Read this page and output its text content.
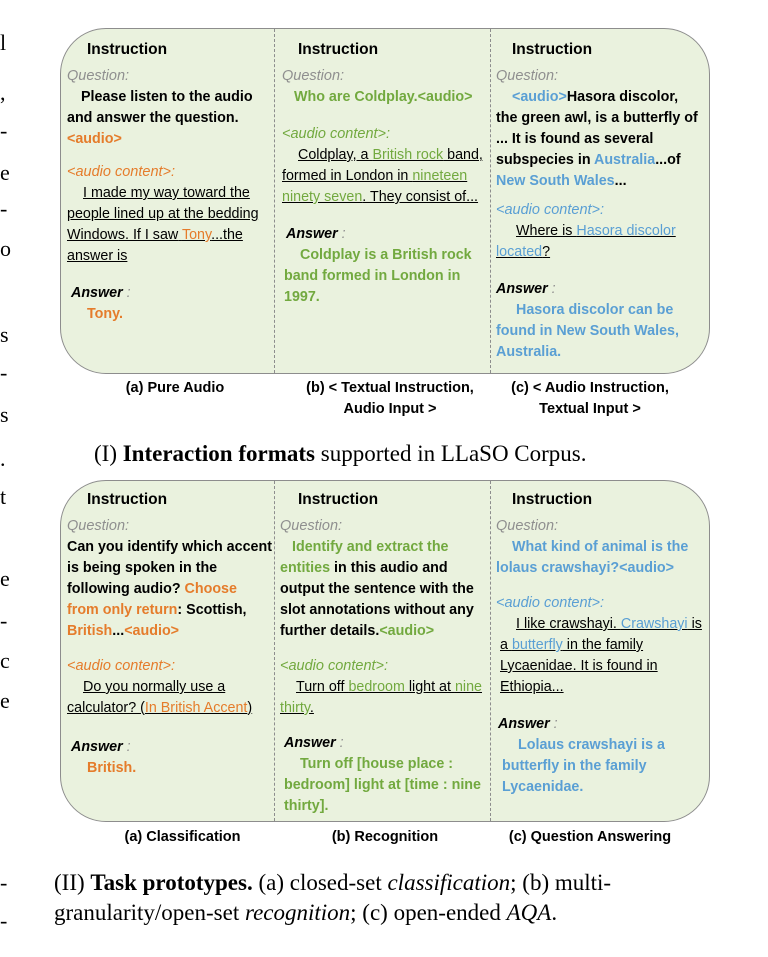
l
,
-
e
-
o
s
-
s
.
t
e
-
c
e
-
-

Instruction

Question:

Please listen to the audio and answer the question. <audio>

<audio content>:

I made my way toward the people lined up at the bedding Windows. If I saw Tony...the answer is

Answer :

Tony.

Instruction

Question:

Who are Coldplay.<audio>

<audio content>:

Coldplay, a British rock band, formed in London in nineteen ninety seven. They consist of...

Answer :

Coldplay is a British rock band formed in London in 1997.

Instruction

Question:

<audio>Hasora discolor, the green awl, is a butterfly of ... It is found as several subspecies in Australia...of New South Wales...

<audio content>:

Where is Hasora discolor located?

Answer :

Hasora discolor can be found in New South Wales, Australia.

(a) Pure Audio	(b) < Textual Instruction, Audio Input >
(c) < Audio Instruction, Textual Input >
(I) Interaction formats supported in LLaSO Corpus.

Instruction

Question:

Can you identify which accent is being spoken in the following audio? Choose from only return: Scottish, British...<audio>

<audio content>:

Do you normally use a calculator? (In British Accent)

Answer :

British.

Instruction

Question:

Identify and extract the entities in this audio and output the sentence with the slot annotations without any further details.<audio>

<audio content>:

Turn off bedroom light at nine thirty.

Answer :

Turn off [house place : bedroom] light at [time : nine thirty].

Instruction

Question:

What kind of animal is the lolaus crawshayi?<audio>

<audio content>:

I like crawshayi. Crawshayi is a butterfly in the family Lycaenidae. It is found in Ethiopia...

Answer :

Lolaus crawshayi is a butterfly in the family Lycaenidae.

(a) Classification	(b) Recognition	(c) Question Answering
(II) Task prototypes. (a) closed-set classification; (b) multi-granularity/open-set recognition; (c) open-ended AQA.
